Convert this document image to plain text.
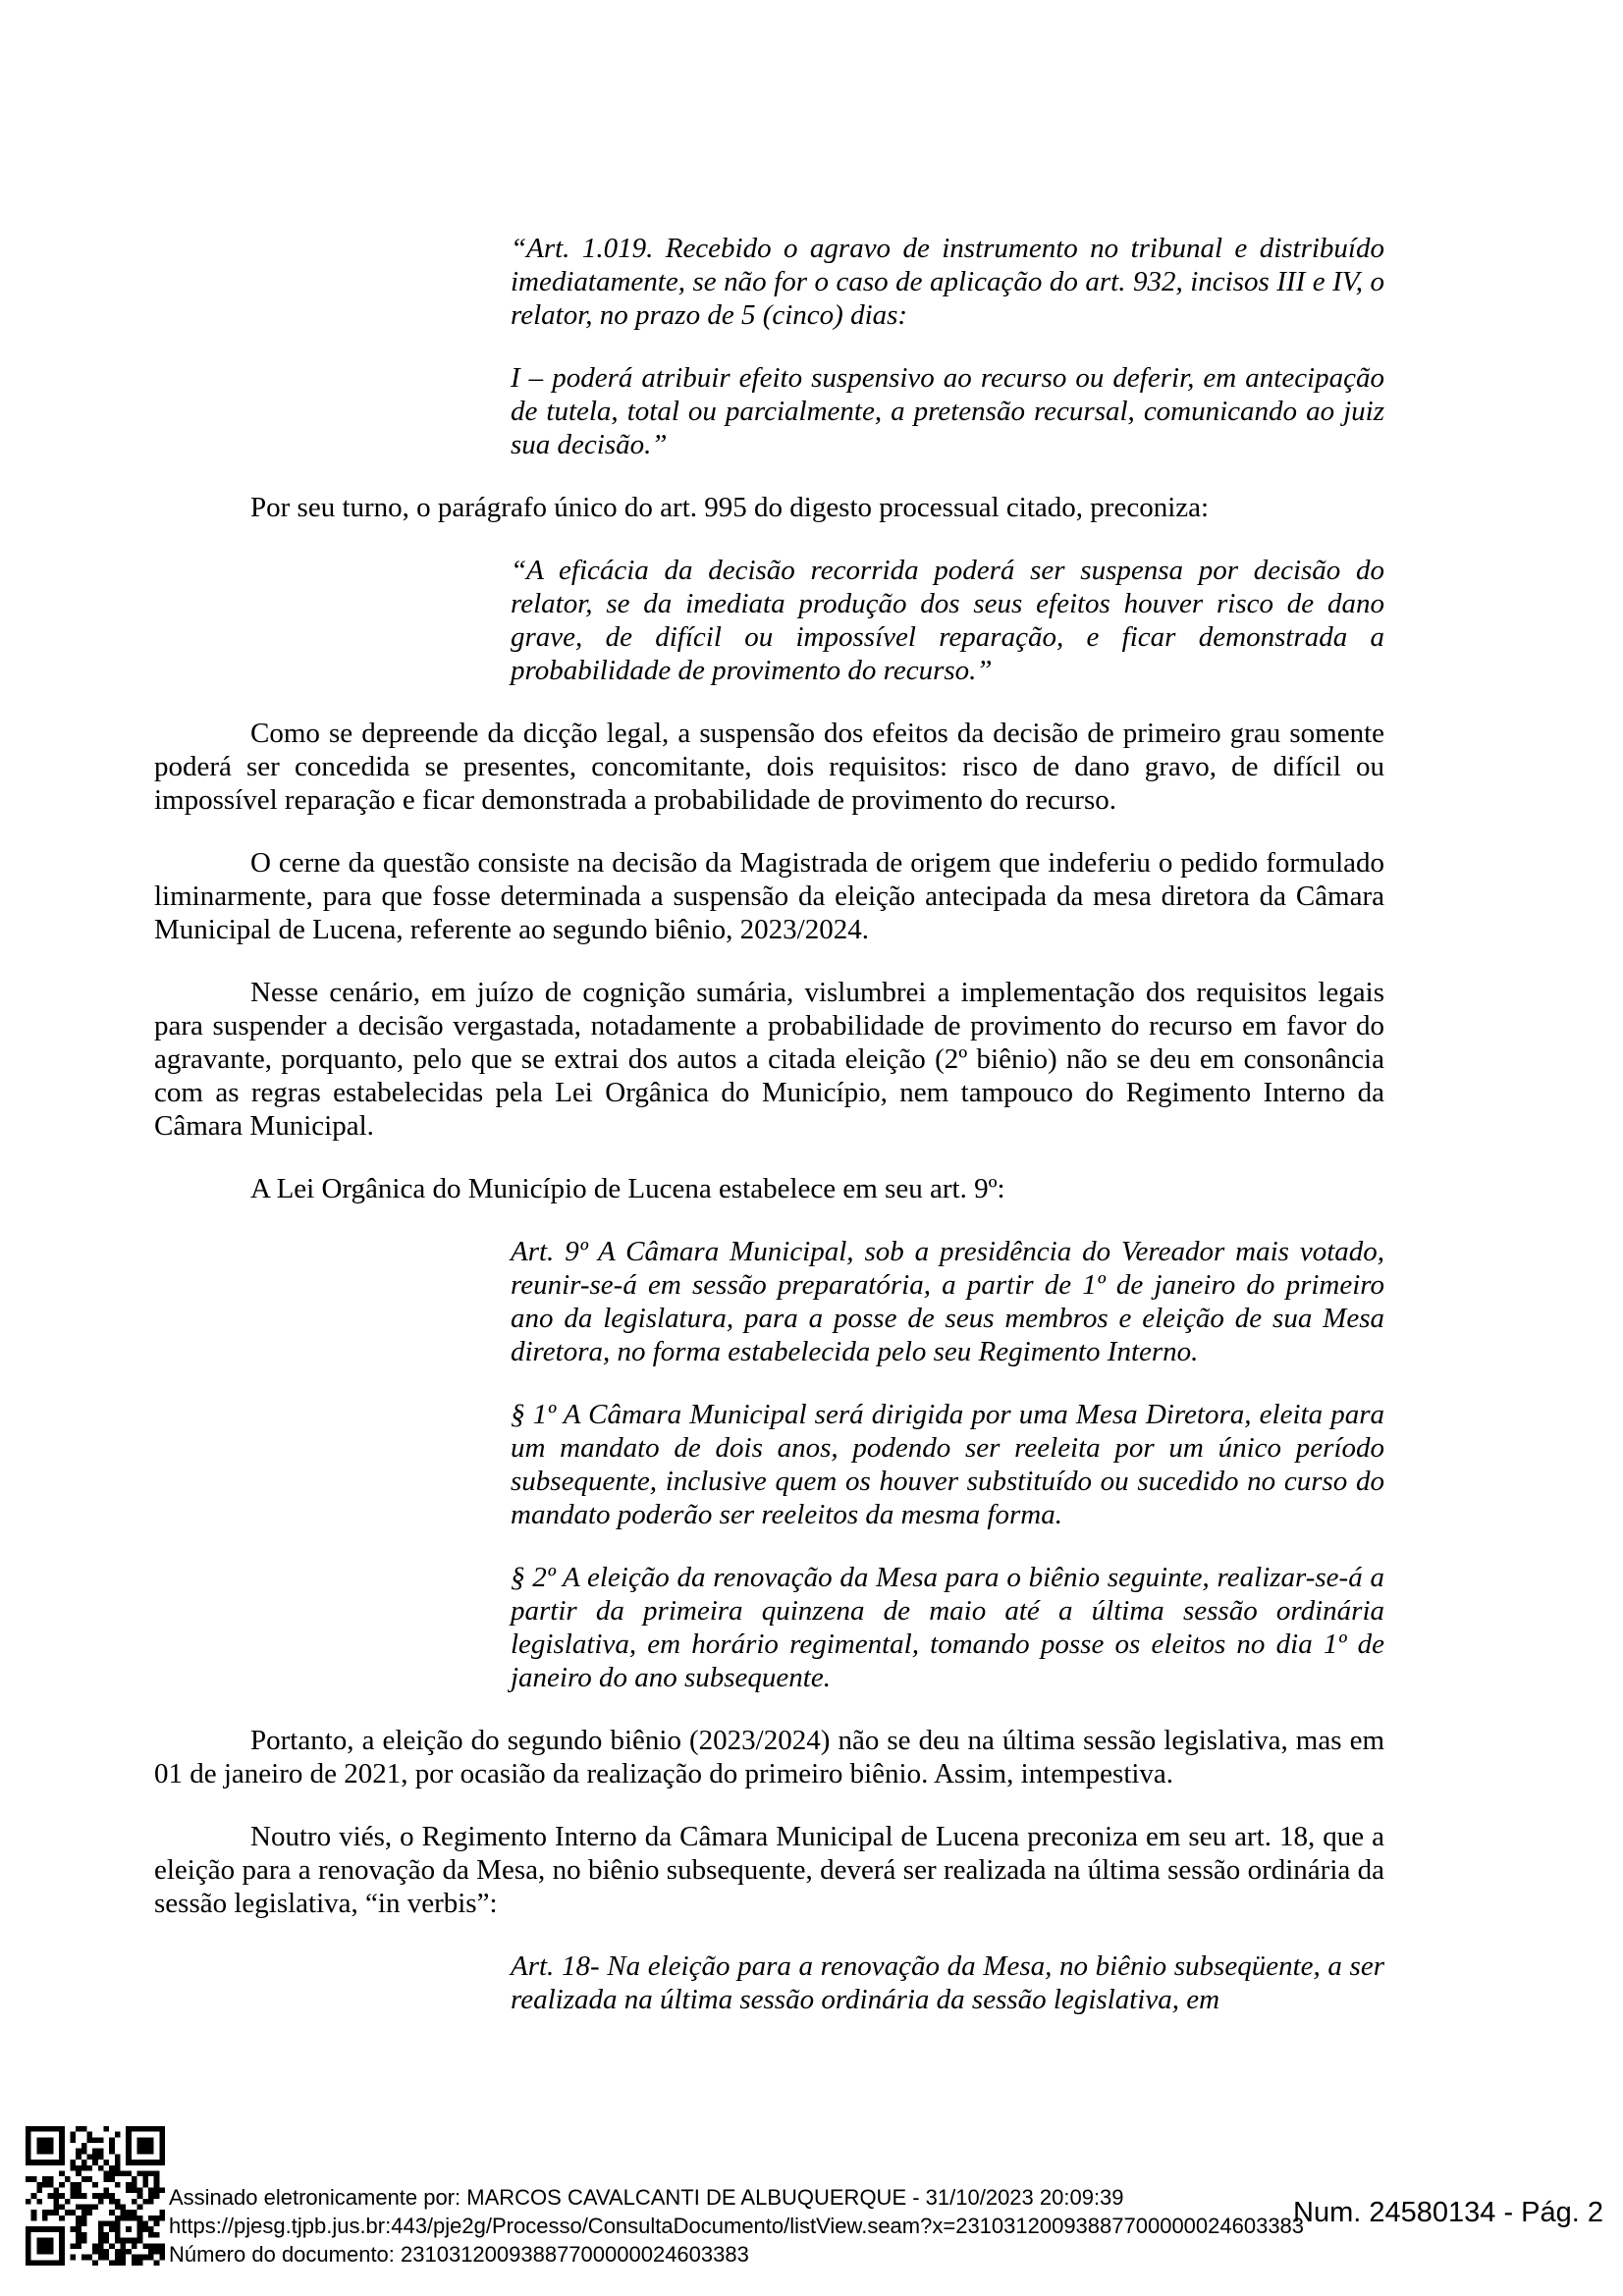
“Art. 1.019. Recebido o agravo de instrumento no tribunal e distribuído imediatamente, se não for o caso de aplicação do art. 932, incisos III e IV, o relator, no prazo de 5 (cinco) dias:

I – poderá atribuir efeito suspensivo ao recurso ou deferir, em antecipação de tutela, total ou parcialmente, a pretensão recursal, comunicando ao juiz sua decisão.”

Por seu turno, o parágrafo único do art. 995 do digesto processual citado, preconiza:

“A eficácia da decisão recorrida poderá ser suspensa por decisão do relator, se da imediata produção dos seus efeitos houver risco de dano grave, de difícil ou impossível reparação, e ficar demonstrada a probabilidade de provimento do recurso.”

Como se depreende da dicção legal, a suspensão dos efeitos da decisão de primeiro grau somente poderá ser concedida se presentes, concomitante, dois requisitos: risco de dano gravo, de difícil ou impossível reparação e ficar demonstrada a probabilidade de provimento do recurso.

O cerne da questão consiste na decisão da Magistrada de origem que indeferiu o pedido formulado liminarmente, para que fosse determinada a suspensão da eleição antecipada da mesa diretora da Câmara Municipal de Lucena, referente ao segundo biênio, 2023/2024.

Nesse cenário, em juízo de cognição sumária, vislumbrei a implementação dos requisitos legais para suspender a decisão vergastada, notadamente a probabilidade de provimento do recurso em favor do agravante, porquanto, pelo que se extrai dos autos a citada eleição (2º biênio) não se deu em consonância com as regras estabelecidas pela Lei Orgânica do Município, nem tampouco do Regimento Interno da Câmara Municipal.

A Lei Orgânica do Município de Lucena estabelece em seu art. 9º:

Art. 9º A Câmara Municipal, sob a presidência do Vereador mais votado, reunir-se-á em sessão preparatória, a partir de 1º de janeiro do primeiro ano da legislatura, para a posse de seus membros e eleição de sua Mesa diretora, no forma estabelecida pelo seu Regimento Interno.

§ 1º A Câmara Municipal será dirigida por uma Mesa Diretora, eleita para um mandato de dois anos, podendo ser reeleita por um único período subsequente, inclusive quem os houver substituído ou sucedido no curso do mandato poderão ser reeleitos da mesma forma.

§ 2º A eleição da renovação da Mesa para o biênio seguinte, realizar-se-á a partir da primeira quinzena de maio até a última sessão ordinária legislativa, em horário regimental, tomando posse os eleitos no dia 1º de janeiro do ano subsequente.

Portanto, a eleição do segundo biênio (2023/2024) não se deu na última sessão legislativa, mas em 01 de janeiro de 2021, por ocasião da realização do primeiro biênio. Assim, intempestiva.

Noutro viés, o Regimento Interno da Câmara Municipal de Lucena preconiza em seu art. 18, que a eleição para a renovação da Mesa, no biênio subsequente, deverá ser realizada na última sessão ordinária da sessão legislativa, “in verbis”:

Art. 18- Na eleição para a renovação da Mesa, no biênio subseqüente, a ser realizada na última sessão ordinária da sessão legislativa, em

Assinado eletronicamente por: MARCOS CAVALCANTI DE ALBUQUERQUE - 31/10/2023 20:09:39
https://pjesg.tjpb.jus.br:443/pje2g/Processo/ConsultaDocumento/listView.seam?x=23103120093887700000024603383
Número do documento: 23103120093887700000024603383
Num. 24580134 - Pág. 2
